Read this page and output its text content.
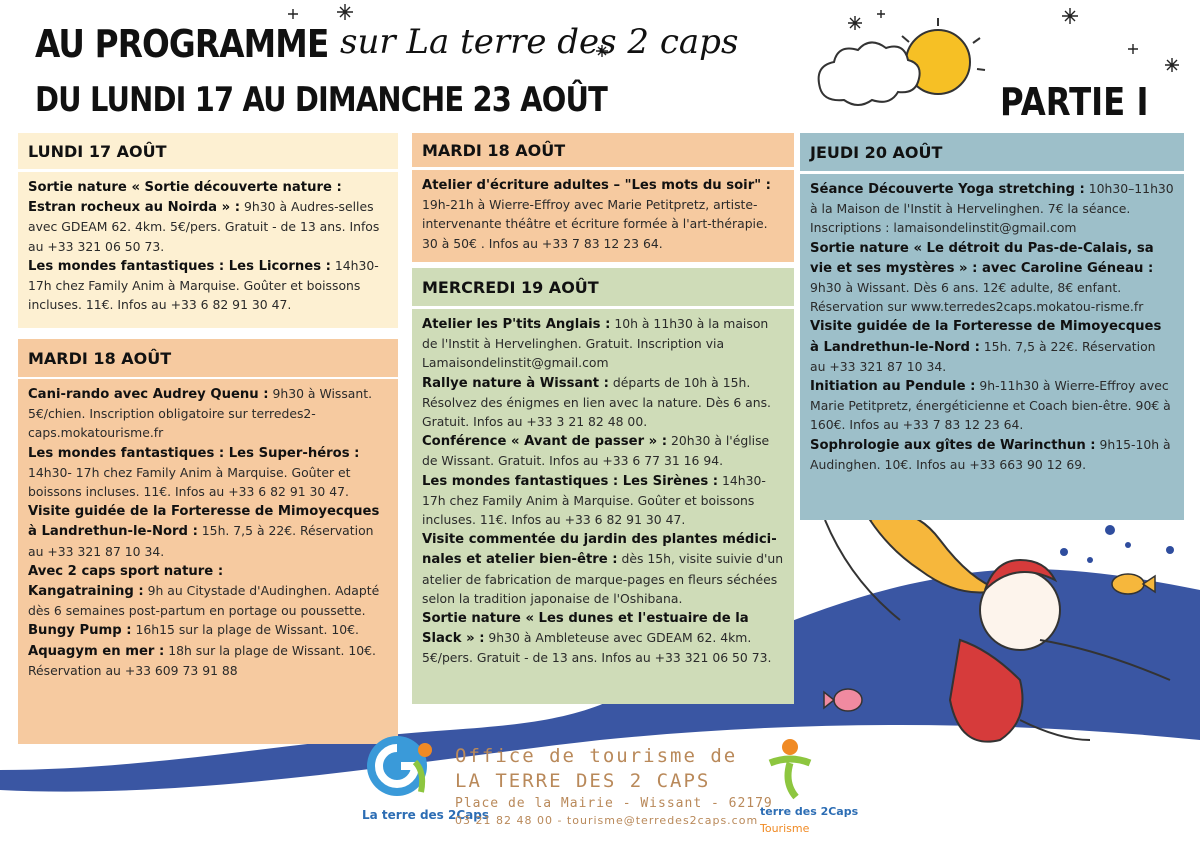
AU PROGRAMME sur La terre des 2 caps
DU LUNDI 17 AU DIMANCHE 23 AOÛT	PARTIE I
LUNDI 17 AOÛT

Sortie nature « Sortie découverte nature : Estran rocheux au Noirda » : 9h30 à Audres-selles avec GDEAM 62. 4km. 5€/pers. Gratuit - de 13 ans. Infos au +33 321 06 50 73.

Les mondes fantastiques : Les Licornes : 14h30- 17h chez Family Anim à Marquise. Goûter et boissons incluses. 11€. Infos au +33 6 82 91 30 47.

MARDI 18 AOÛT

Cani-rando avec Audrey Quenu : 9h30 à Wissant. 5€/chien. Inscription obligatoire sur terredes2-caps.mokatourisme.fr

Les mondes fantastiques : Les Super-héros : 14h30- 17h chez Family Anim à Marquise. Goûter et boissons incluses. 11€. Infos au +33 6 82 91 30 47.

Visite guidée de la Forteresse de Mimoyecques à Landrethun-le-Nord : 15h. 7,5 à 22€. Réservation au +33 321 87 10 34.

Avec 2 caps sport nature :

Kangatraining : 9h au Citystade d'Audinghen. Adapté dès 6 semaines post-partum en portage ou poussette.

Bungy Pump : 16h15 sur la plage de Wissant. 10€.

Aquagym en mer : 18h sur la plage de Wissant. 10€. Réservation au +33 609 73 91 88

MARDI 18 AOÛT

Atelier d'écriture adultes – "Les mots du soir" : 19h-21h à Wierre-Effroy avec Marie Petitpretz, artiste-intervenante théâtre et écriture formée à l'art-thérapie. 30 à 50€ . Infos au +33 7 83 12 23 64.

MERCREDI 19 AOÛT

Atelier les P'tits Anglais : 10h à 11h30 à la maison de l'Instit à Hervelinghen. Gratuit. Inscription via Lamaisondelinstit@gmail.com

Rallye nature à Wissant : départs de 10h à 15h. Résolvez des énigmes en lien avec la nature. Dès 6 ans. Gratuit. Infos au +33 3 21 82 48 00.

Conférence « Avant de passer » : 20h30 à l'église de Wissant. Gratuit. Infos au +33 6 77 31 16 94.

Les mondes fantastiques : Les Sirènes : 14h30- 17h chez Family Anim à Marquise. Goûter et boissons incluses. 11€. Infos au +33 6 82 91 30 47.

Visite commentée du jardin des plantes médici-nales et atelier bien-être : dès 15h, visite suivie d'un atelier de fabrication de marque-pages en fleurs séchées selon la tradition japonaise de l'Oshibana.

Sortie nature « Les dunes et l'estuaire de la Slack » : 9h30 à Ambleteuse avec GDEAM 62. 4km. 5€/pers. Gratuit - de 13 ans. Infos au +33 321 06 50 73.

JEUDI 20 AOÛT

Séance Découverte Yoga stretching : 10h30–11h30 à la Maison de l'Instit à Hervelinghen. 7€ la séance. Inscriptions : lamaisondelinstit@gmail.com

Sortie nature « Le détroit du Pas-de-Calais, sa vie et ses mystères » : avec Caroline Géneau : 9h30 à Wissant. Dès 6 ans. 12€ adulte, 8€ enfant. Réservation sur www.terredes2caps.mokatou-risme.fr

Visite guidée de la Forteresse de Mimoyecques à Landrethun-le-Nord : 15h. 7,5 à 22€. Réservation au +33 321 87 10 34.

Initiation au Pendule : 9h-11h30 à Wierre-Effroy avec Marie Petitpretz, énergéticienne et Coach bien-être. 90€ à 160€. Infos au +33 7 83 12 23 64.

Sophrologie aux gîtes de Warincthun : 9h15-10h à Audinghen. 10€. Infos au +33 663 90 12 69.

La terre des 2Caps
Office de tourisme de
LA TERRE DES 2 CAPS
Place de la Mairie - Wissant - 62179
03 21 82 48 00 - tourisme@terredes2caps.com
terre des 2Caps
Tourisme
